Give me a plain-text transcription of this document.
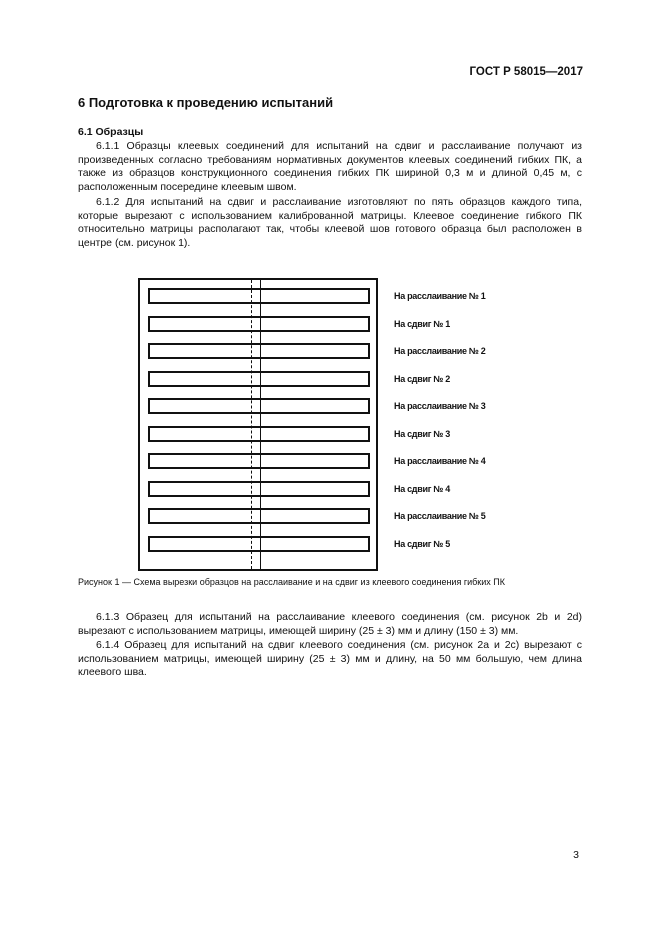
ГОСТ Р 58015—2017
6 Подготовка к проведению испытаний
6.1 Образцы

6.1.1 Образцы клеевых соединений для испытаний на сдвиг и расслаивание получают из произведенных согласно требованиям нормативных документов клеевых соединений гибких ПК, а также из образцов конструкционного соединения гибких ПК шириной 0,3 м и длиной 0,45 м, с расположенным посередине клеевым швом.

6.1.2 Для испытаний на сдвиг и расслаивание изготовляют по пять образцов каждого типа, которые вырезают с использованием калиброванной матрицы. Клеевое соединение гибкого ПК относительно матрицы располагают так, чтобы клеевой шов готового образца был расположен в центре (см. рисунок 1).

На расслаивание № 1
На сдвиг № 1
На расслаивание № 2
На сдвиг № 2
На расслаивание № 3
На сдвиг № 3
На расслаивание № 4
На сдвиг № 4
На расслаивание № 5
На сдвиг № 5
Рисунок 1 — Схема вырезки образцов на расслаивание и на сдвиг из клеевого соединения гибких ПК

6.1.3 Образец для испытаний на расслаивание клеевого соединения (см. рисунок 2b и 2d) вырезают с использованием матрицы, имеющей ширину (25 ± 3) мм и длину (150 ± 3) мм.

6.1.4 Образец для испытаний на сдвиг клеевого соединения (см. рисунок 2a и 2c) вырезают с использованием матрицы, имеющей ширину (25 ± 3) мм и длину, на 50 мм большую, чем длина клеевого шва.

3
